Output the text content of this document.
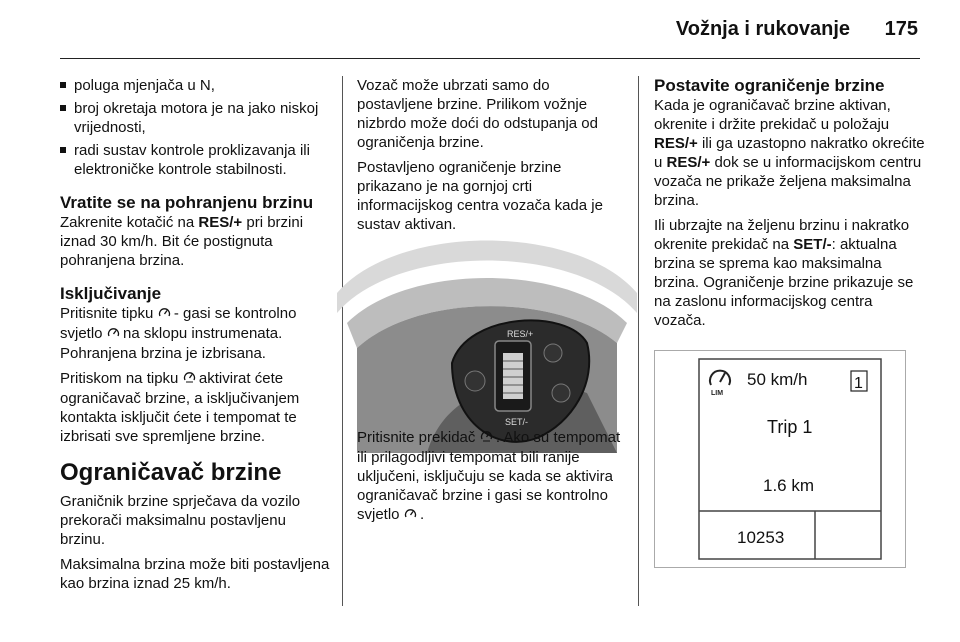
Vožnja i rukovanje 175
poluga mjenjača u N,
broj okretaja motora je na jako niskoj vrijednosti,
radi sustav kontrole proklizavanja ili elektroničke kontrole stabilnosti.
Vratite se na pohranjenu brzinu

Zakrenite kotačić na RES/+ pri brzini iznad 30 km/h. Bit će postignuta pohranjena brzina.

Isključivanje

Pritisnite tipku - gasi se kontrolno svjetlo na sklopu instrumenata. Pohranjena brzina je izbrisana.

Pritiskom na tipku aktivirat ćete ograničavač brzine, a isključivanjem kontakta isključit ćete i tempomat te izbrisati sve spremljene brzine.

Ograničavač brzine

Graničnik brzine sprječava da vozilo prekorači maksimalnu postavljenu brzinu.

Maksimalna brzina može biti postavljena kao brzina iznad 25 km/h.

Vozač može ubrzati samo do postavljene brzine. Prilikom vožnje nizbrdo može doći do odstupanja od ograničenja brzine.

Postavljeno ograničenje brzine prikazano je na gornjoj crti informacijskog centra vozača kada je sustav aktivan.

RES/+
SET/-

Pritisnite prekidač . Ako su tempomat ili prilagodljivi tempomat bili ranije uključeni, isključuju se kada se aktivira ograničavač brzine i gasi se kontrolno svjetlo .

Postavite ograničenje brzine

Kada je ograničavač brzine aktivan, okrenite i držite prekidač u položaju RES/+ ili ga uzastopno nakratko okrećite u RES/+ dok se u informacijskom centru vozača ne prikaže željena maksimalna brzina.

Ili ubrzajte na željenu brzinu i nakratko okrenite prekidač na SET/-: aktualna brzina se sprema kao maksimalna brzina. Ograničenje brzine prikazuje se na zaslonu informacijskog centra vozača.

LIM
50 km/h	1
Trip 1
1.6 km
10253
